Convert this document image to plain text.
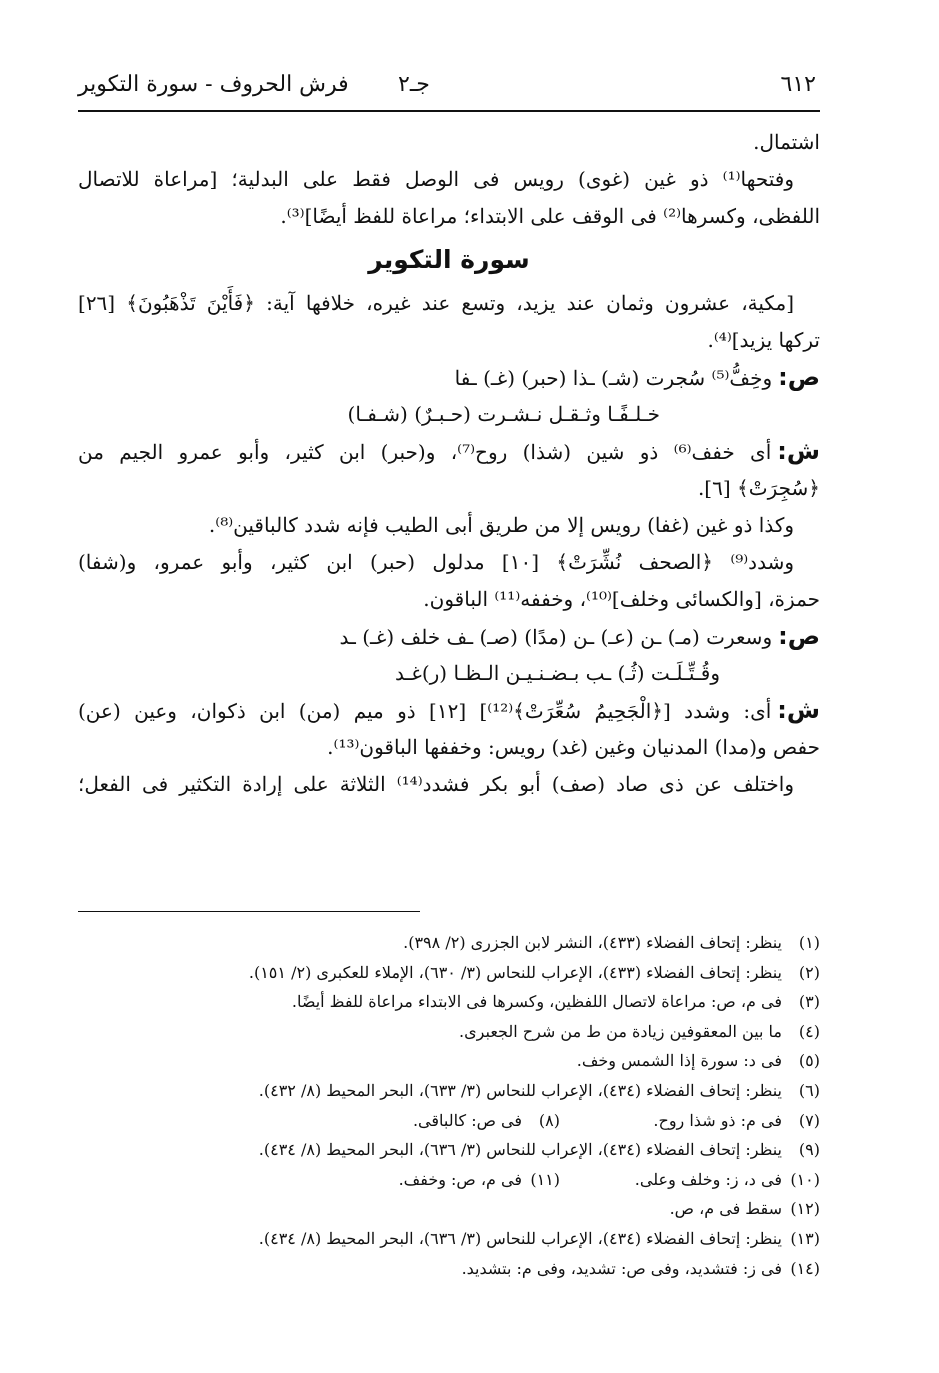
٦١٢
جـ٢
فرش الحروف - سورة التكوير
اشتمال.
وفتحها⁽¹⁾ ذو غين (غوى) رويس فى الوصل فقط على البدلية؛ [مراعاة للاتصال
اللفظى، وكسرها⁽²⁾ فى الوقف على الابتداء؛ مراعاة للفظ أيضًا]⁽³⁾.
سورة التكوير
[مكية، عشرون وثمان عند يزيد، وتسع عند غيره، خلافها آية: ﴿فَأَيْنَ تَذْهَبُونَ﴾ [٢٦]
تركها يزيد]⁽⁴⁾.
ص:وخِفُّ⁽⁵⁾ سُجرت (شـ) ـذا (حبر) (غـ) ـفا
خـلـفًـا وثـقـل نـشـرت (حـبـرٌ) (شـفـا)
ش:أى خفف⁽⁶⁾ ذو شين (شذا) روح⁽⁷⁾، و(حبر) ابن كثير، وأبو عمرو الجيم من
﴿سُجِرَتْ﴾ [٦].
وكذا ذو غين (غفا) رويس إلا من طريق أبى الطيب فإنه شدد كالباقين⁽⁸⁾.
وشدد⁽⁹⁾ ﴿الصحف نُشِّرَتْ﴾ [١٠] مدلول (حبر) ابن كثير، وأبو عمرو، و(شفا)
حمزة، [والكسائى وخلف]⁽¹⁰⁾، وخففه⁽¹¹⁾ الباقون.
ص:وسعرت (مـ) ـن (عـ) ـن (مدًا) (صـ) ـف خلف (غـ) ـد
وقُـتِّـلَـت (ثُـ) ـب بـضـنـيـن الـظـا (ر)غـد
ش:أى: وشدد [﴿الْجَحِيمُ سُعِّرَتْ﴾⁽¹²⁾] [١٢] ذو ميم (من) ابن ذكوان، وعين (عن)
حفص و(مدا) المدنيان وغين (غد) رويس: وخففها الباقون⁽¹³⁾.
واختلف عن ذى صاد (صف) أبو بكر فشدد⁽¹⁴⁾ الثلاثة على إرادة التكثير فى الفعل؛
(١)ينظر: إتحاف الفضلاء (٤٣٣)، النشر لابن الجزرى (٢/ ٣٩٨).
(٢)ينظر: إتحاف الفضلاء (٤٣٣)، الإعراب للنحاس (٣/ ٦٣٠)، الإملاء للعكبرى (٢/ ١٥١).
(٣)فى م، ص: مراعاة لاتصال اللفظين، وكسرها فى الابتداء مراعاة للفظ أيضًا.
(٤)ما بين المعقوفين زيادة من ط من شرح الجعبرى.
(٥)فى د: سورة إذا الشمس وخف.
(٦)ينظر: إتحاف الفضلاء (٤٣٤)، الإعراب للنحاس (٣/ ٦٣٣)، البحر المحيط (٨/ ٤٣٢).
(٧)فى م: ذو شذا روح.
(٨)فى ص: كالباقى.
(٩)ينظر: إتحاف الفضلاء (٤٣٤)، الإعراب للنحاس (٣/ ٦٣٦)، البحر المحيط (٨/ ٤٣٤).
(١٠)فى د، ز: وخلف وعلى.
(١١)فى م، ص: وخفف.
(١٢)سقط فى م، ص.
(١٣)ينظر: إتحاف الفضلاء (٤٣٤)، الإعراب للنحاس (٣/ ٦٣٦)، البحر المحيط (٨/ ٤٣٤).
(١٤)فى ز: فتشديد، وفى ص: تشديد، وفى م: بتشديد.
